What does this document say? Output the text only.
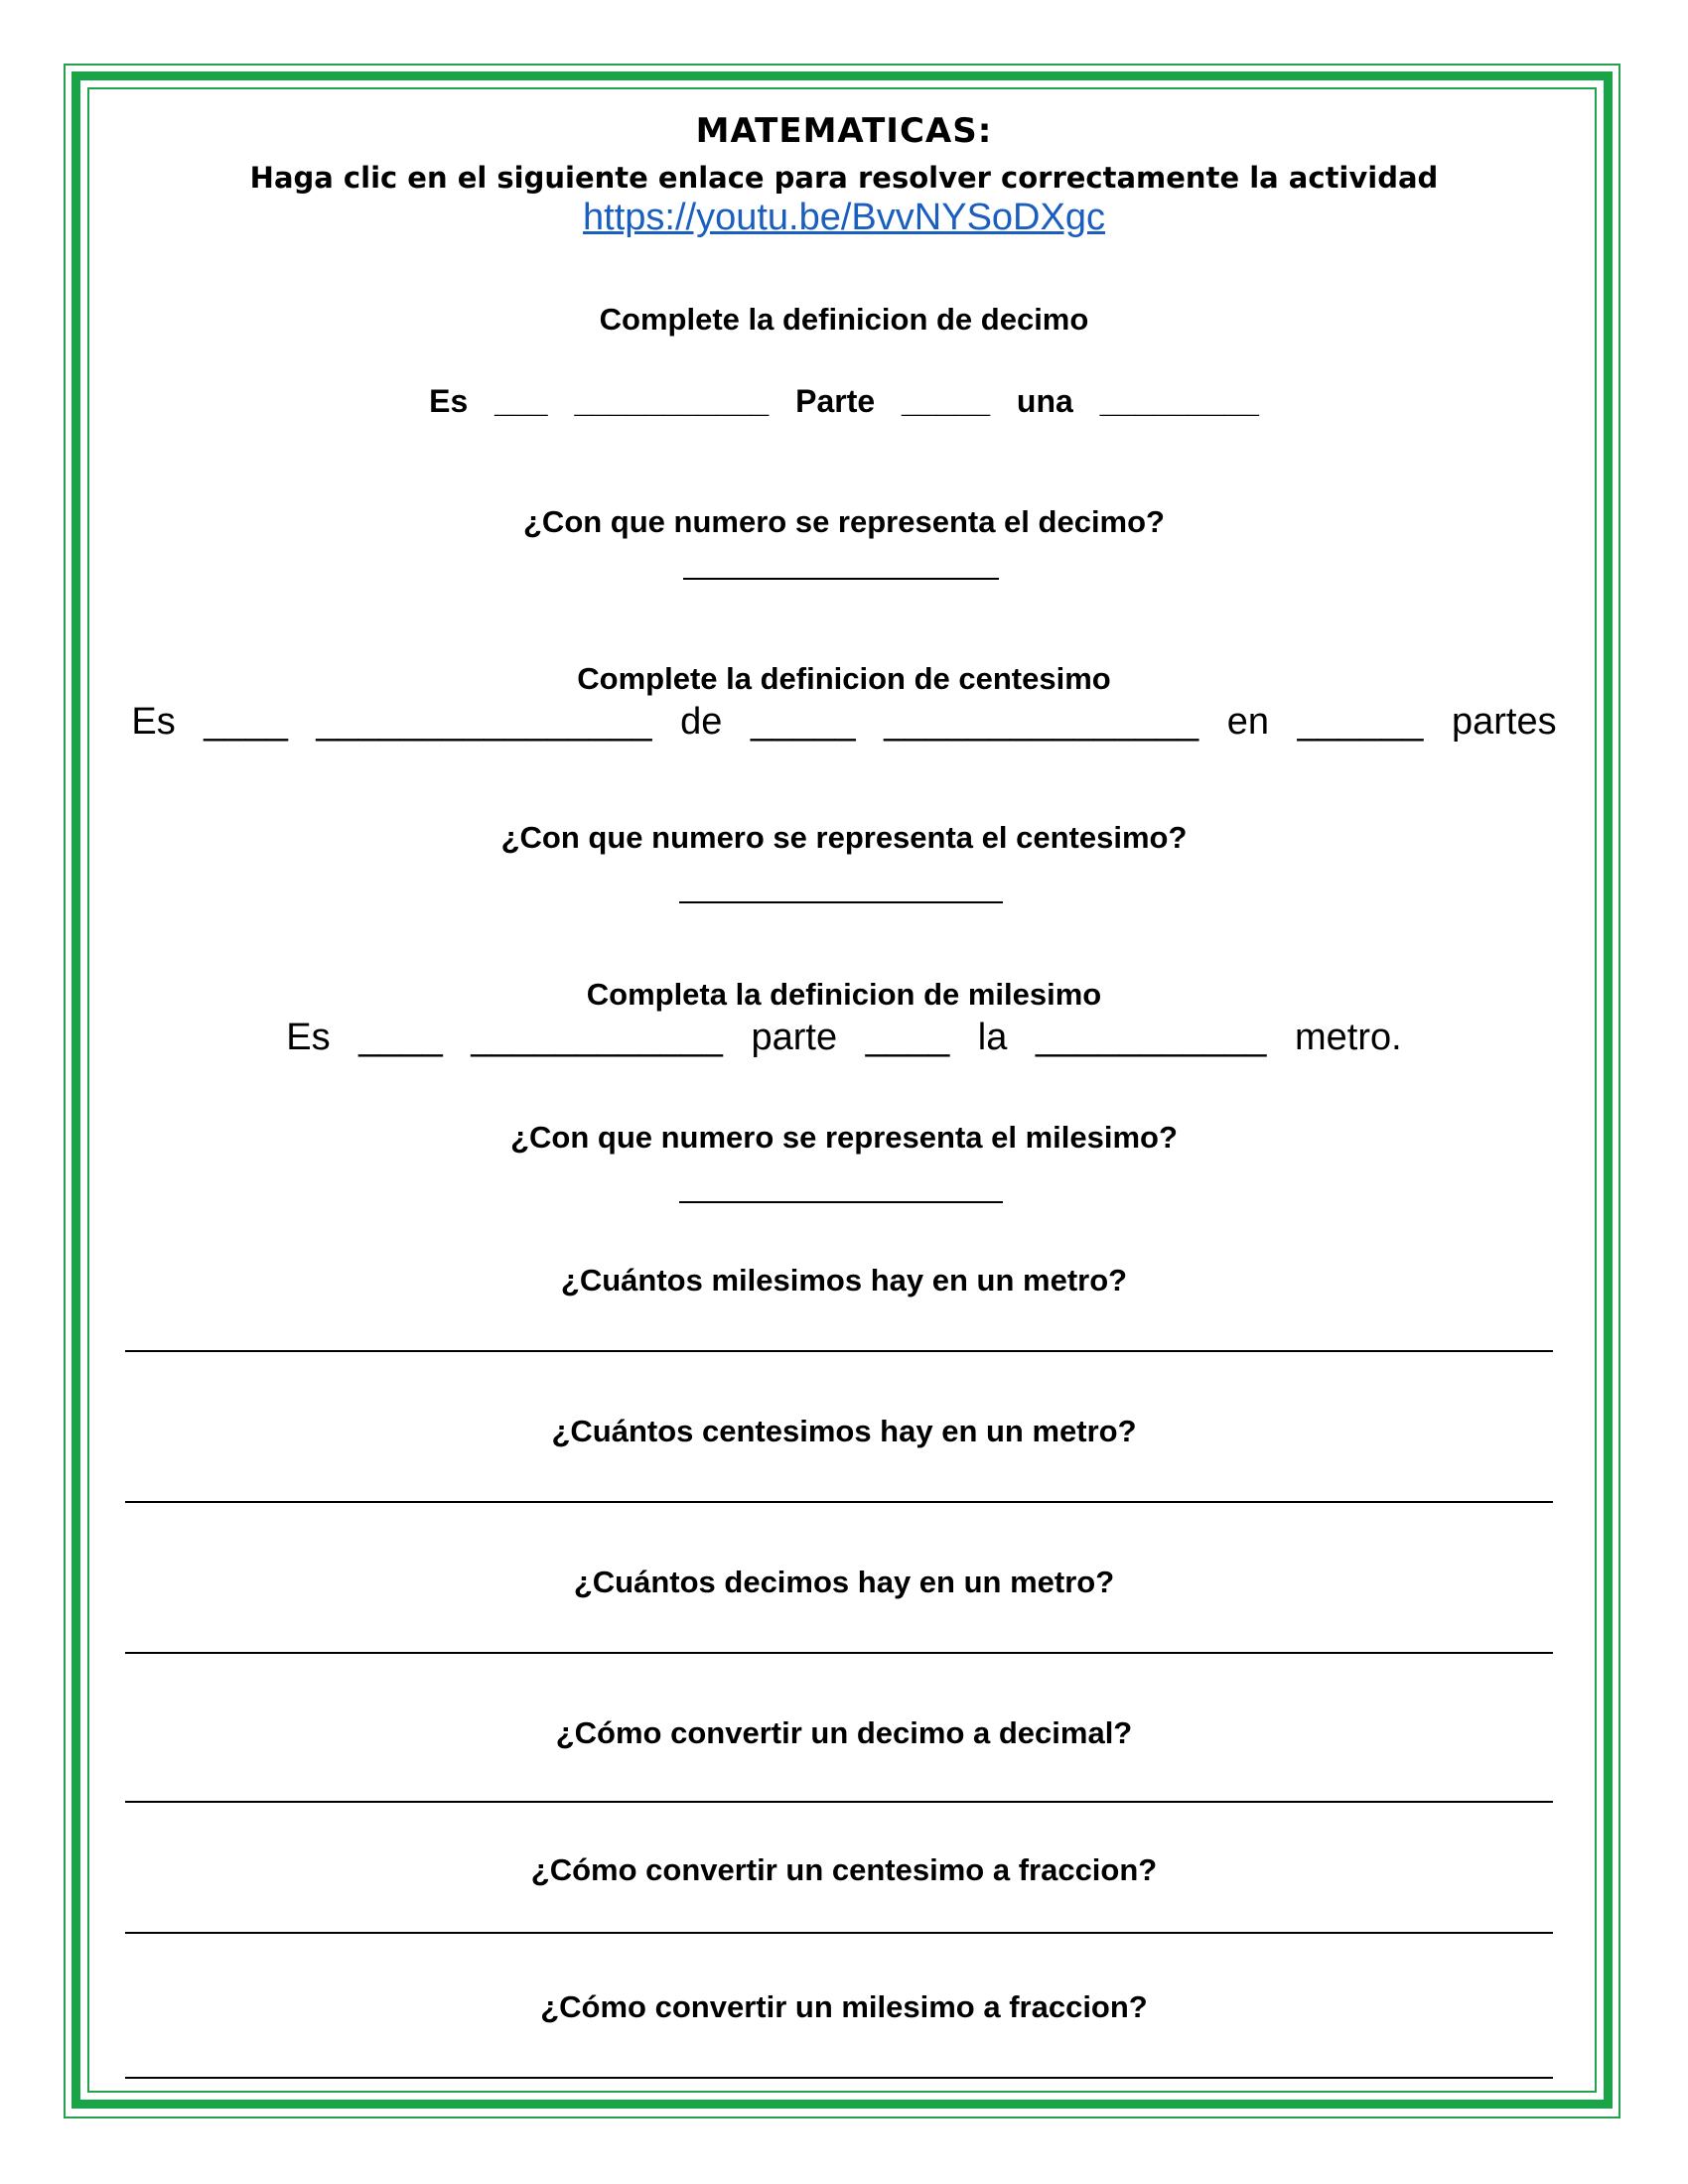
MATEMATICAS:
Haga clic en el siguiente enlace para resolver correctamente la actividad
https://youtu.be/BvvNYSoDXgc
Complete la definicion de decimo
Es ___ ___________ Parte _____ una _________
¿Con que numero se representa el decimo?
Complete la definicion de centesimo
Es ____ ________________ de _____ _______________ en ______ partes
¿Con que numero se representa el centesimo?
Completa la definicion de milesimo
Es ____ ____________ parte ____ la ___________ metro.
¿Con que numero se representa el milesimo?
¿Cuántos milesimos hay en un metro?
¿Cuántos centesimos hay en un metro?
¿Cuántos decimos hay en un metro?
¿Cómo convertir un decimo a decimal?
¿Cómo convertir un centesimo a fraccion?
¿Cómo convertir un milesimo a fraccion?
